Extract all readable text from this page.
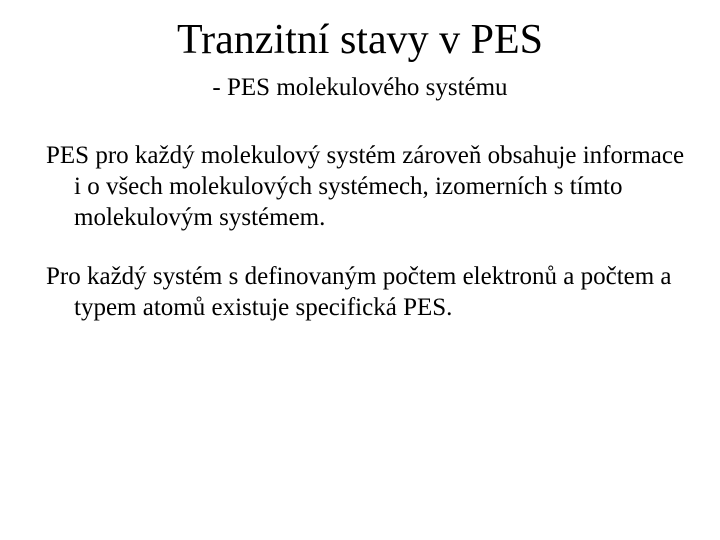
Tranzitní stavy v PES
- PES molekulového systému

PES pro každý molekulový systém zároveň obsahuje informace i o všech molekulových systémech, izomerních s tímto molekulovým systémem.

Pro každý systém s definovaným počtem elektronů a počtem a typem atomů existuje specifická PES.
